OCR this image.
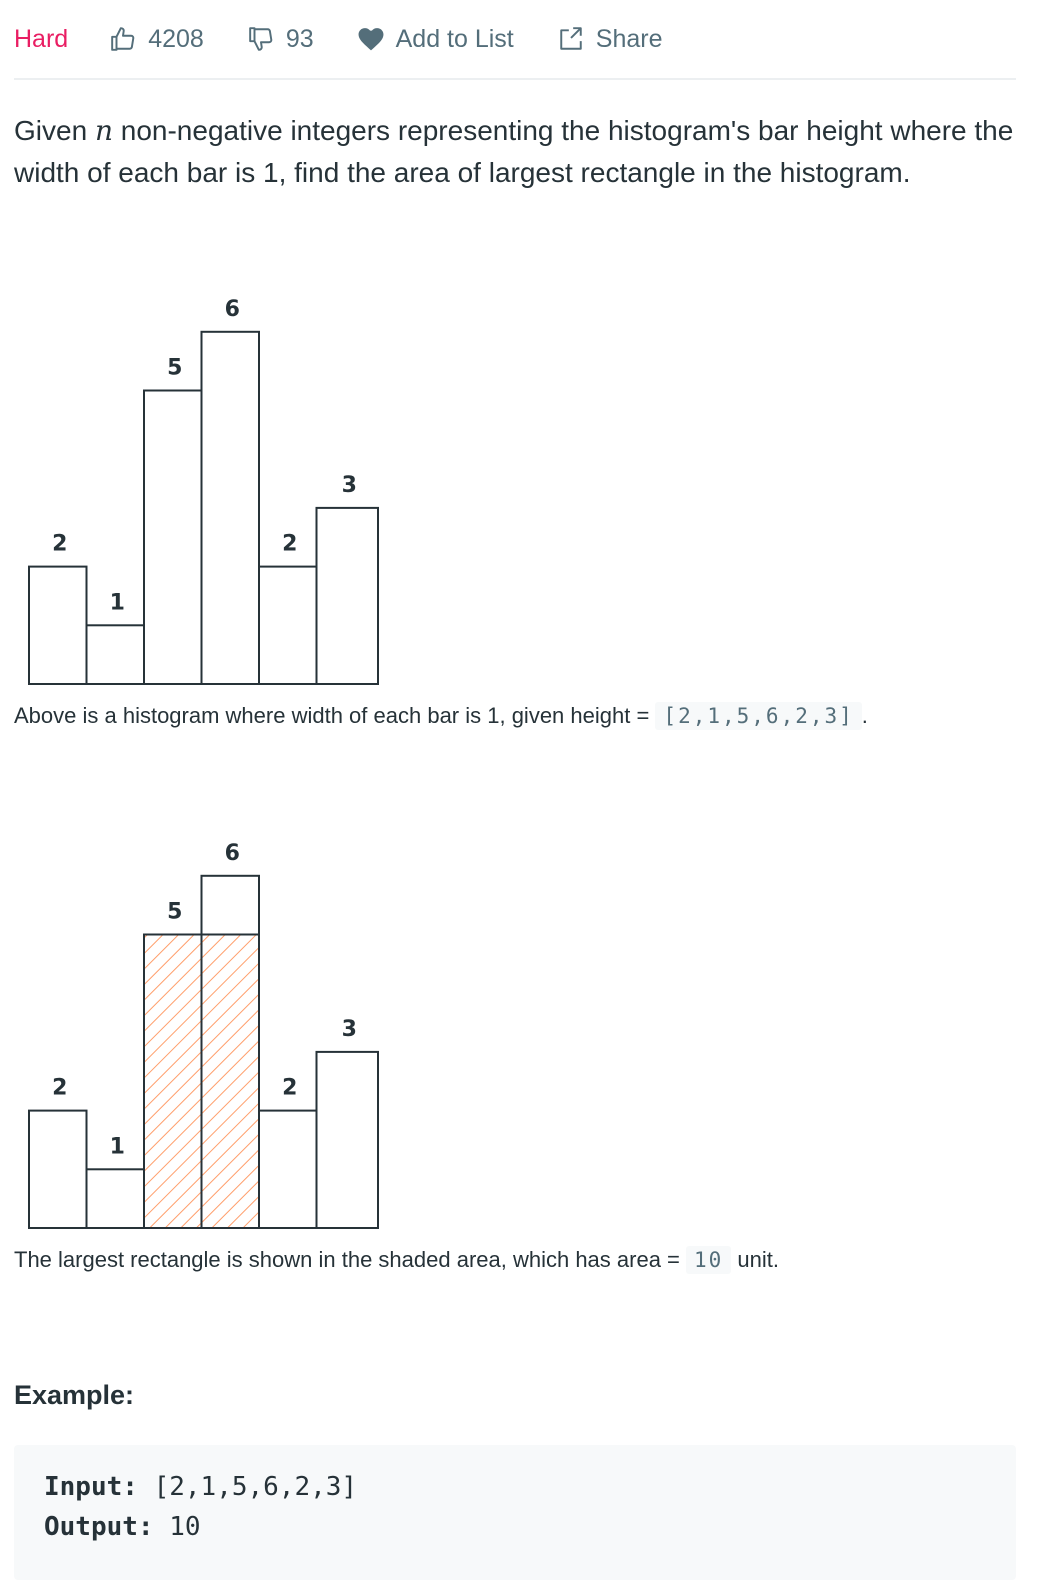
Hard	4208	93	Add to List	Share
Given n non-negative integers representing the histogram's bar height where the width of each bar is 1, find the area of largest rectangle in the histogram.
2
1
5
6
2
3
Above is a histogram where width of each bar is 1, given height = [2,1,5,6,2,3] .
2
1
5
6
2
3
The largest rectangle is shown in the shaded area, which has area = 10 unit.
Example:
Input: [2,1,5,6,2,3]
Output: 10
